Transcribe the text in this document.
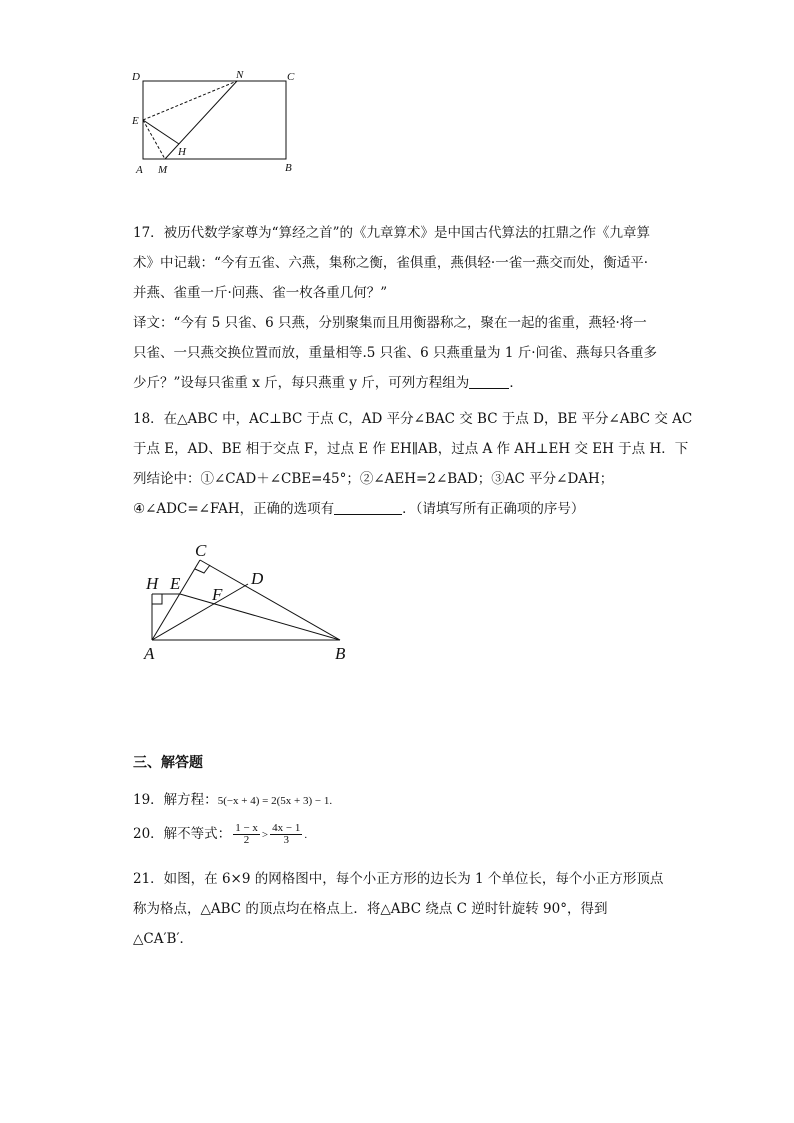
D	N	C
E
H
A M	B
17．被历代数学家尊为“算经之首”的《九章算术》是中国古代算法的扛鼎之作《九章算
术》中记载：“今有五雀、六燕，集称之衡，雀俱重，燕俱轻·一雀一燕交而处，衡适平·
并燕、雀重一斤·问燕、雀一枚各重几何？”
译文：“今有 5 只雀、6 只燕，分别聚集而且用衡器称之，聚在一起的雀重，燕轻·将一
只雀、一只燕交换位置而放，重量相等.5 只雀、6 只燕重量为 1 斤·问雀、燕每只各重多
少斤？”设每只雀重 x 斤，每只燕重 y 斤，可列方程组为	．
18．在△ABC 中，AC⊥BC 于点 C，AD 平分∠BAC 交 BC 于点 D，BE 平分∠ABC 交 AC
于点 E，AD、BE 相于交点 F，过点 E 作 EH∥AB，过点 A 作 AH⊥EH 交 EH 于点 H．下
列结论中：①∠CAD＋∠CBE=45°；②∠AEH=2∠BAD；③AC 平分∠DAH；
④∠ADC=∠FAH，正确的选项有	．（请填写所有正确项的序号）
C
H E	D
F
A	B
三、解答题
19．解方程：5(−x + 4) = 2(5x + 3) − 1.
20．解不等式： $\frac{1 - x}{2} > \frac{4x - 1}{3}$ .
21．如图，在 6×9 的网格图中，每个小正方形的边长为 1 个单位长，每个小正方形顶点
称为格点，△ABC 的顶点均在格点上．将△ABC 绕点 C 逆时针旋转 90°，得到
△CA′B′．
